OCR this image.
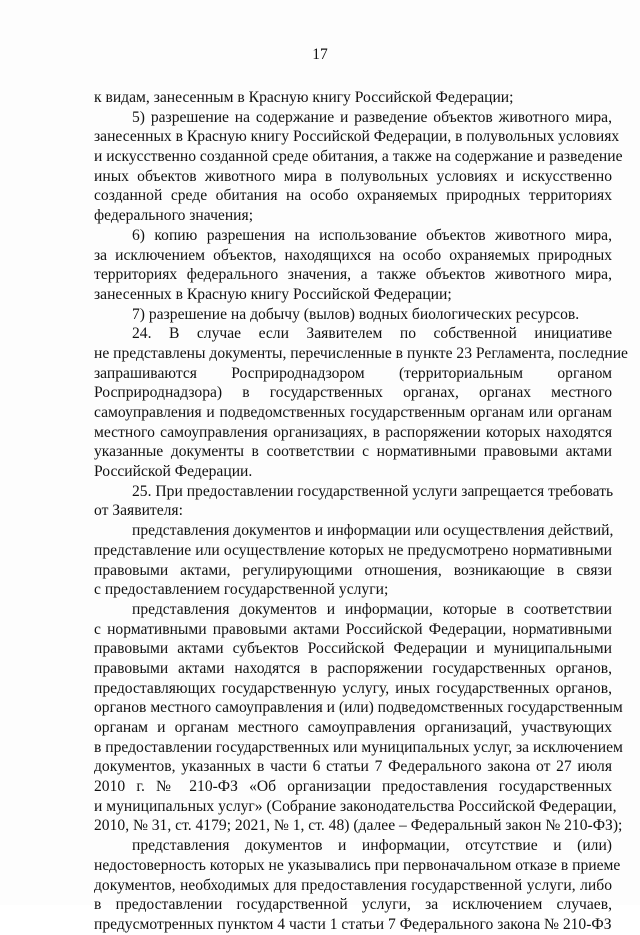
17

к видам, занесенным в Красную книгу Российской Федерации;

5) разрешение на содержание и разведение объектов животного мира,
занесенных в Красную книгу Российской Федерации, в полувольных условиях
и искусственно созданной среде обитания, а также на содержание и разведение
иных объектов животного мира в полувольных условиях и искусственно
созданной среде обитания на особо охраняемых природных территориях
федерального значения;

6) копию разрешения на использование объектов животного мира,
за исключением объектов, находящихся на особо охраняемых природных
территориях федерального значения, а также объектов животного мира,
занесенных в Красную книгу Российской Федерации;

7) разрешение на добычу (вылов) водных биологических ресурсов.

24. В случае если Заявителем по собственной инициативе
не представлены документы, перечисленные в пункте 23 Регламента, последние
запрашиваются Росприроднадзором (территориальным органом
Росприроднадзора) в государственных органах, органах местного
самоуправления и подведомственных государственным органам или органам
местного самоуправления организациях, в распоряжении которых находятся
указанные документы в соответствии с нормативными правовыми актами
Российской Федерации.

25. При предоставлении государственной услуги запрещается требовать
от Заявителя:

представления документов и информации или осуществления действий,
представление или осуществление которых не предусмотрено нормативными
правовыми актами, регулирующими отношения, возникающие в связи
с предоставлением государственной услуги;

представления документов и информации, которые в соответствии
с нормативными правовыми актами Российской Федерации, нормативными
правовыми актами субъектов Российской Федерации и муниципальными
правовыми актами находятся в распоряжении государственных органов,
предоставляющих государственную услугу, иных государственных органов,
органов местного самоуправления и (или) подведомственных государственным
органам и органам местного самоуправления организаций, участвующих
в предоставлении государственных или муниципальных услуг, за исключением
документов, указанных в части 6 статьи 7 Федерального закона от 27 июля
2010 г. № 210-ФЗ «Об организации предоставления государственных
и муниципальных услуг» (Собрание законодательства Российской Федерации,
2010, № 31, ст. 4179; 2021, № 1, ст. 48) (далее – Федеральный закон № 210-ФЗ);

представления документов и информации, отсутствие и (или)
недостоверность которых не указывались при первоначальном отказе в приеме
документов, необходимых для предоставления государственной услуги, либо
в предоставлении государственной услуги, за исключением случаев,
предусмотренных пунктом 4 части 1 статьи 7 Федерального закона № 210-ФЗ
